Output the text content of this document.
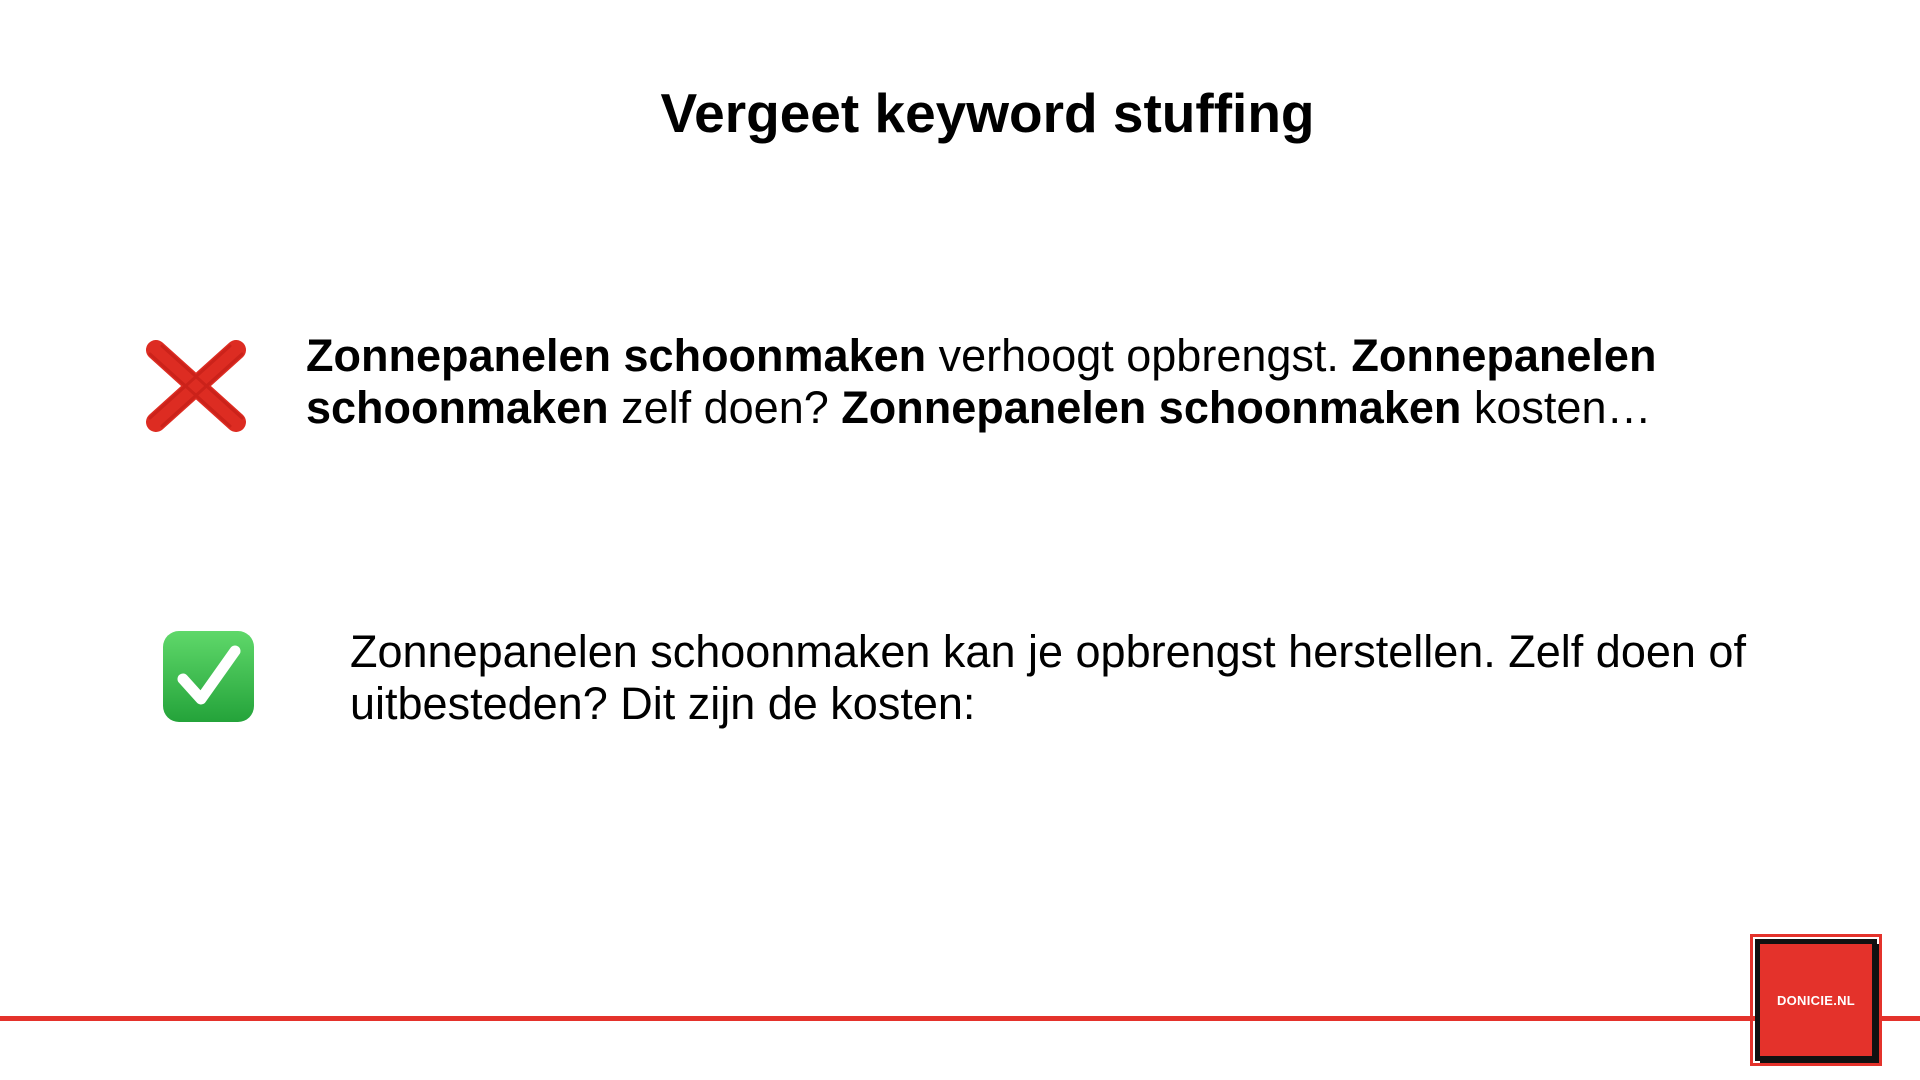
Vergeet keyword stuffing

Zonnepanelen schoonmaken verhoogt opbrengst. Zonnepanelen schoonmaken zelf doen? Zonnepanelen schoonmaken kosten…

Zonnepanelen schoonmaken kan je opbrengst herstellen. Zelf doen of uitbesteden? Dit zijn de kosten:

DONICIE.NL
